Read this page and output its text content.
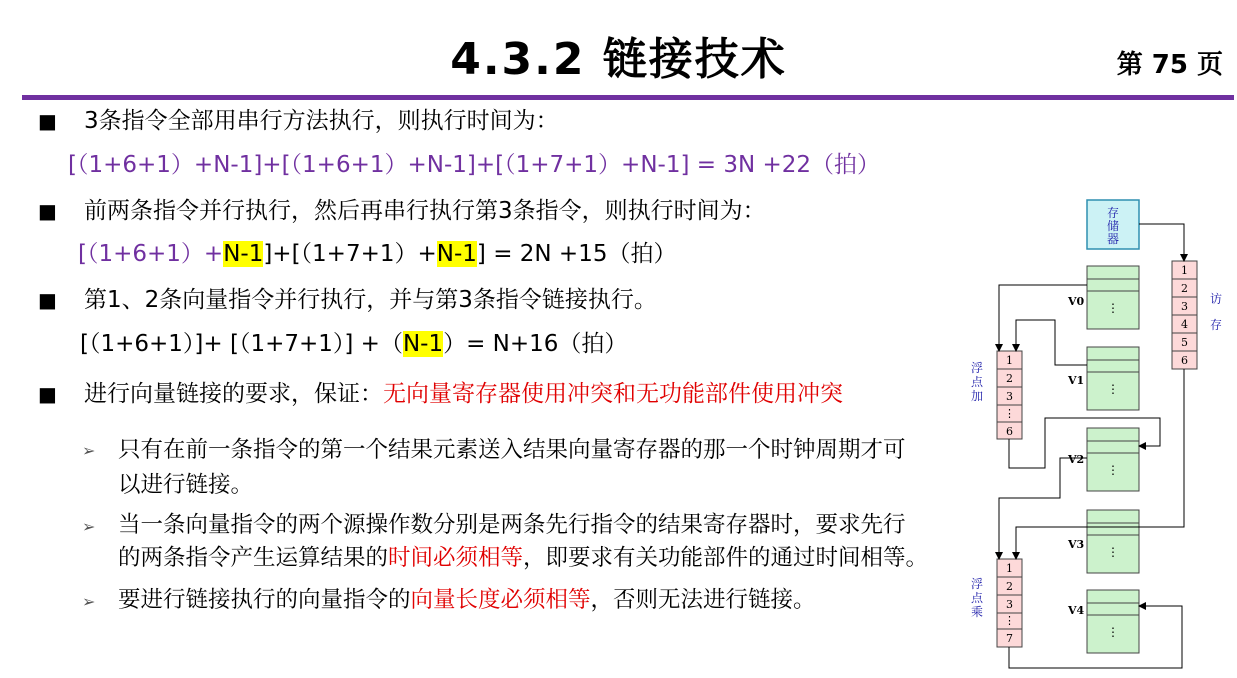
4.3.2 链接技术	第 75 页
■ 3条指令全部用串行方法执行，则执行时间为：
[（1+6+1）+N-1]+[（1+6+1）+N-1]+[（1+7+1）+N-1] = 3N +22（拍）
■ 前两条指令并行执行，然后再串行执行第3条指令，则执行时间为：
[（1+6+1）+N-1]+[（1+7+1）+N-1] = 2N +15（拍）
■ 第1、2条向量指令并行执行，并与第3条指令链接执行。
[（1+6+1）]+ [（1+7+1）] +（N-1）= N+16（拍）
■ 进行向量链接的要求，保证：无向量寄存器使用冲突和无功能部件使用冲突
➢ 只有在前一条指令的第一个结果元素送入结果向量寄存器的那一个时钟周期才可
以进行链接。
➢ 当一条向量指令的两个源操作数分别是两条先行指令的结果寄存器时，要求先行
的两条指令产生运算结果的时间必须相等，即要求有关功能部件的通过时间相等。
➢ 要进行链接执行的向量指令的向量长度必须相等，否则无法进行链接。
存
储
器
1
2
3
4
5
6
访
存
1
2
3
⋮
6
浮
点
加
1
2
3
⋮
7
浮
点
乘
⋮
V0
⋮
V1
⋮
V2
⋮
V3
⋮
V4
